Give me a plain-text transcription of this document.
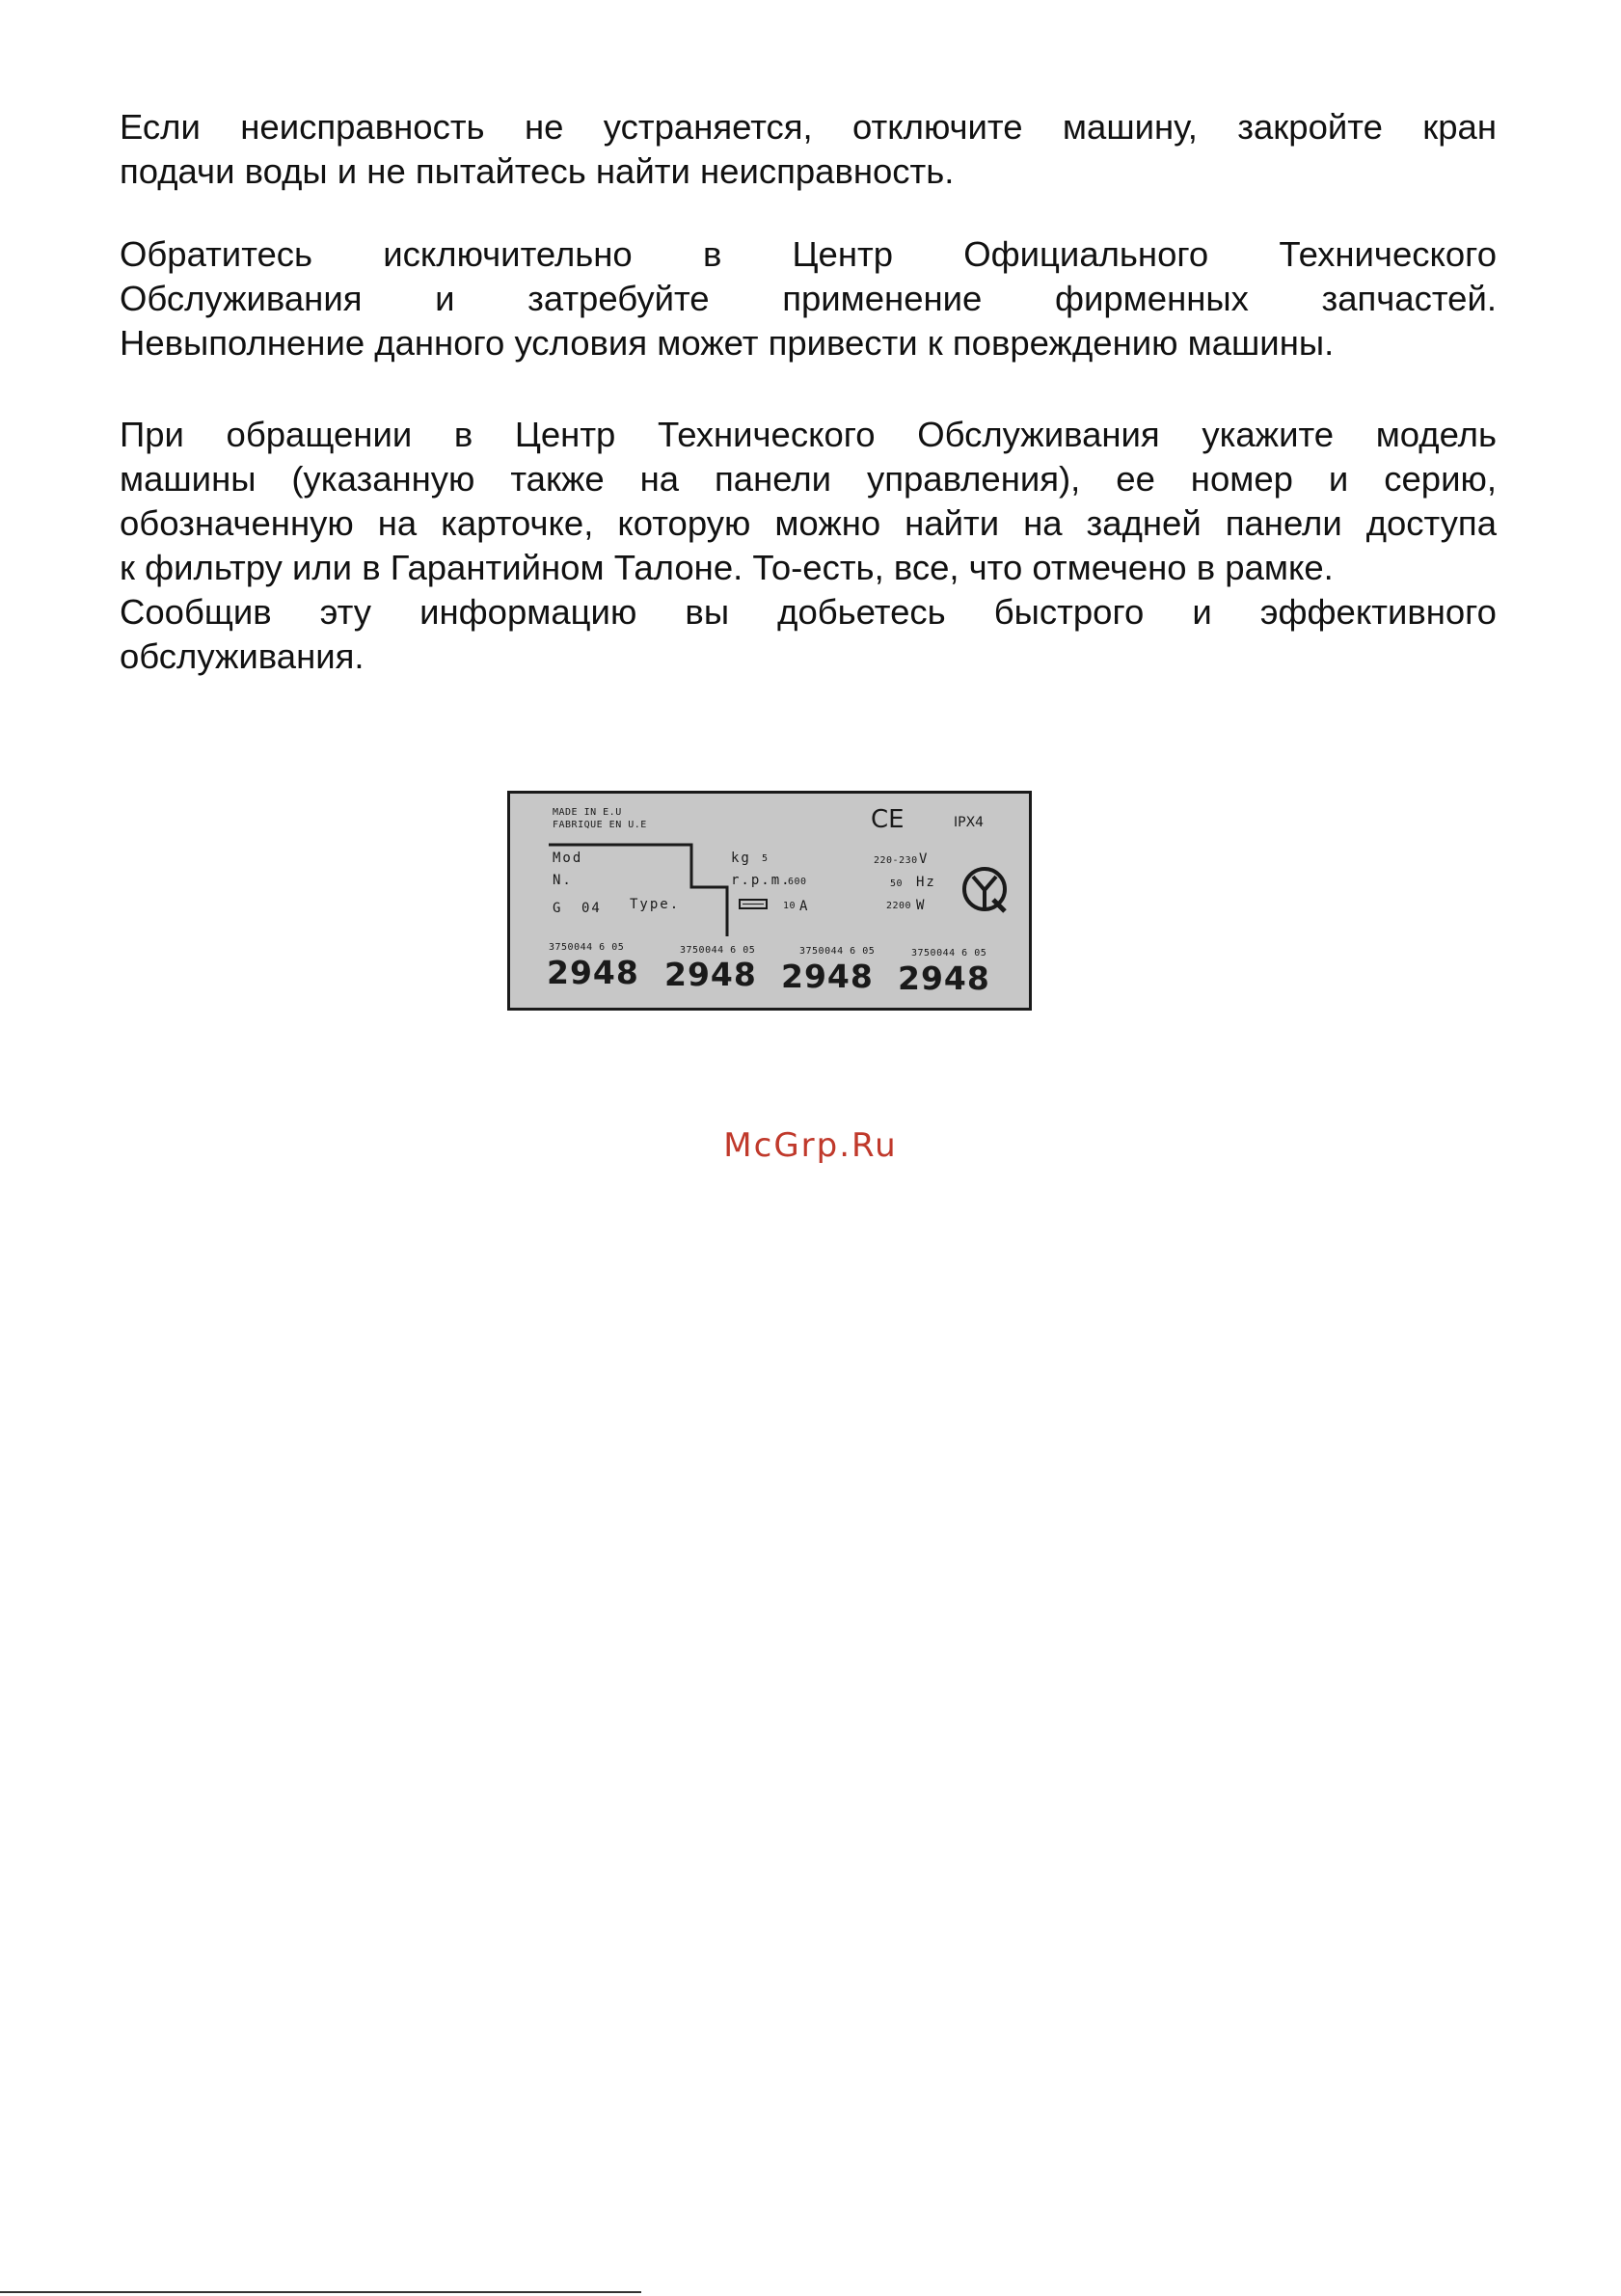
Если неисправность не устраняется, отключите машину, закройте кран
подачи воды и не пытайтесь найти неисправность.
Обратитесь исключительно в Центр Официального Технического
Обслуживания и затребуйте применение фирменных запчастей.
Невыполнение данного условия может привести к повреждению машины.
При обращении в Центр Технического Обслуживания укажите модель
машины (указанную также на панели управления), ее номер и серию,
обозначенную на карточке, которую можно найти на задней панели доступа
к фильтру или в Гарантийном Талоне. То-есть, все, что отмечено в рамке.
Сообщив эту информацию вы добьетесь быстрого и эффективного
обслуживания.
MADE IN E.U
FABRIQUE EN U.E	CE	IPX4
Mod
N.
G 04 Type.
kg 5
r.p.m.
600
10 A
220-230 V
50 Hz
2200 W
3750044 6 05
2948
3750044 6 05
2948
3750044 6 05
2948
3750044 6 05
2948
McGrp.Ru
